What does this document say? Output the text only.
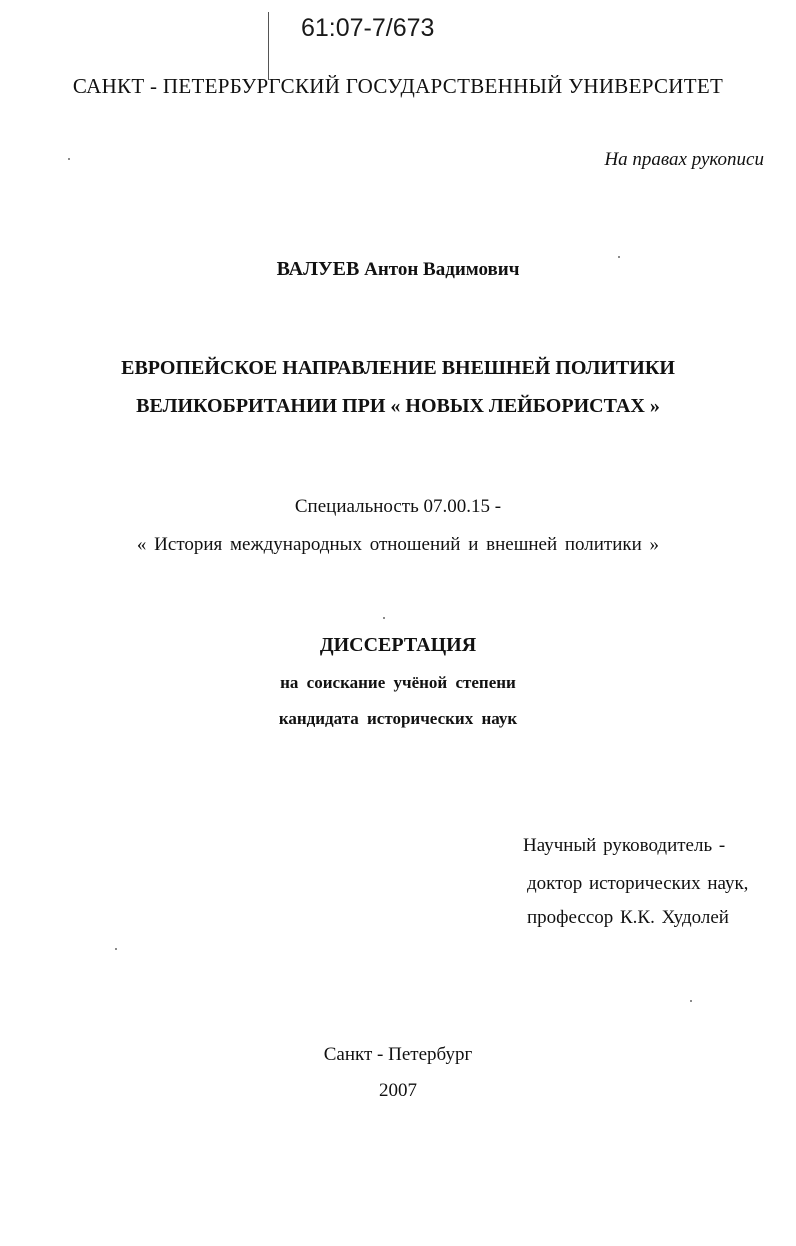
61:07-7/673
САНКТ - ПЕТЕРБУРГСКИЙ ГОСУДАРСТВЕННЫЙ УНИВЕРСИТЕТ
На правах рукописи
ВАЛУЕВ Антон Вадимович
ЕВРОПЕЙСКОЕ НАПРАВЛЕНИЕ ВНЕШНЕЙ ПОЛИТИКИ
ВЕЛИКОБРИТАНИИ ПРИ « НОВЫХ ЛЕЙБОРИСТАХ »
Специальность 07.00.15 -
« История международных отношений и внешней политики »
ДИССЕРТАЦИЯ
на соискание учёной степени
кандидата исторических наук
Научный руководитель -
доктор исторических наук,
профессор К.К. Худолей
Санкт - Петербург
2007
